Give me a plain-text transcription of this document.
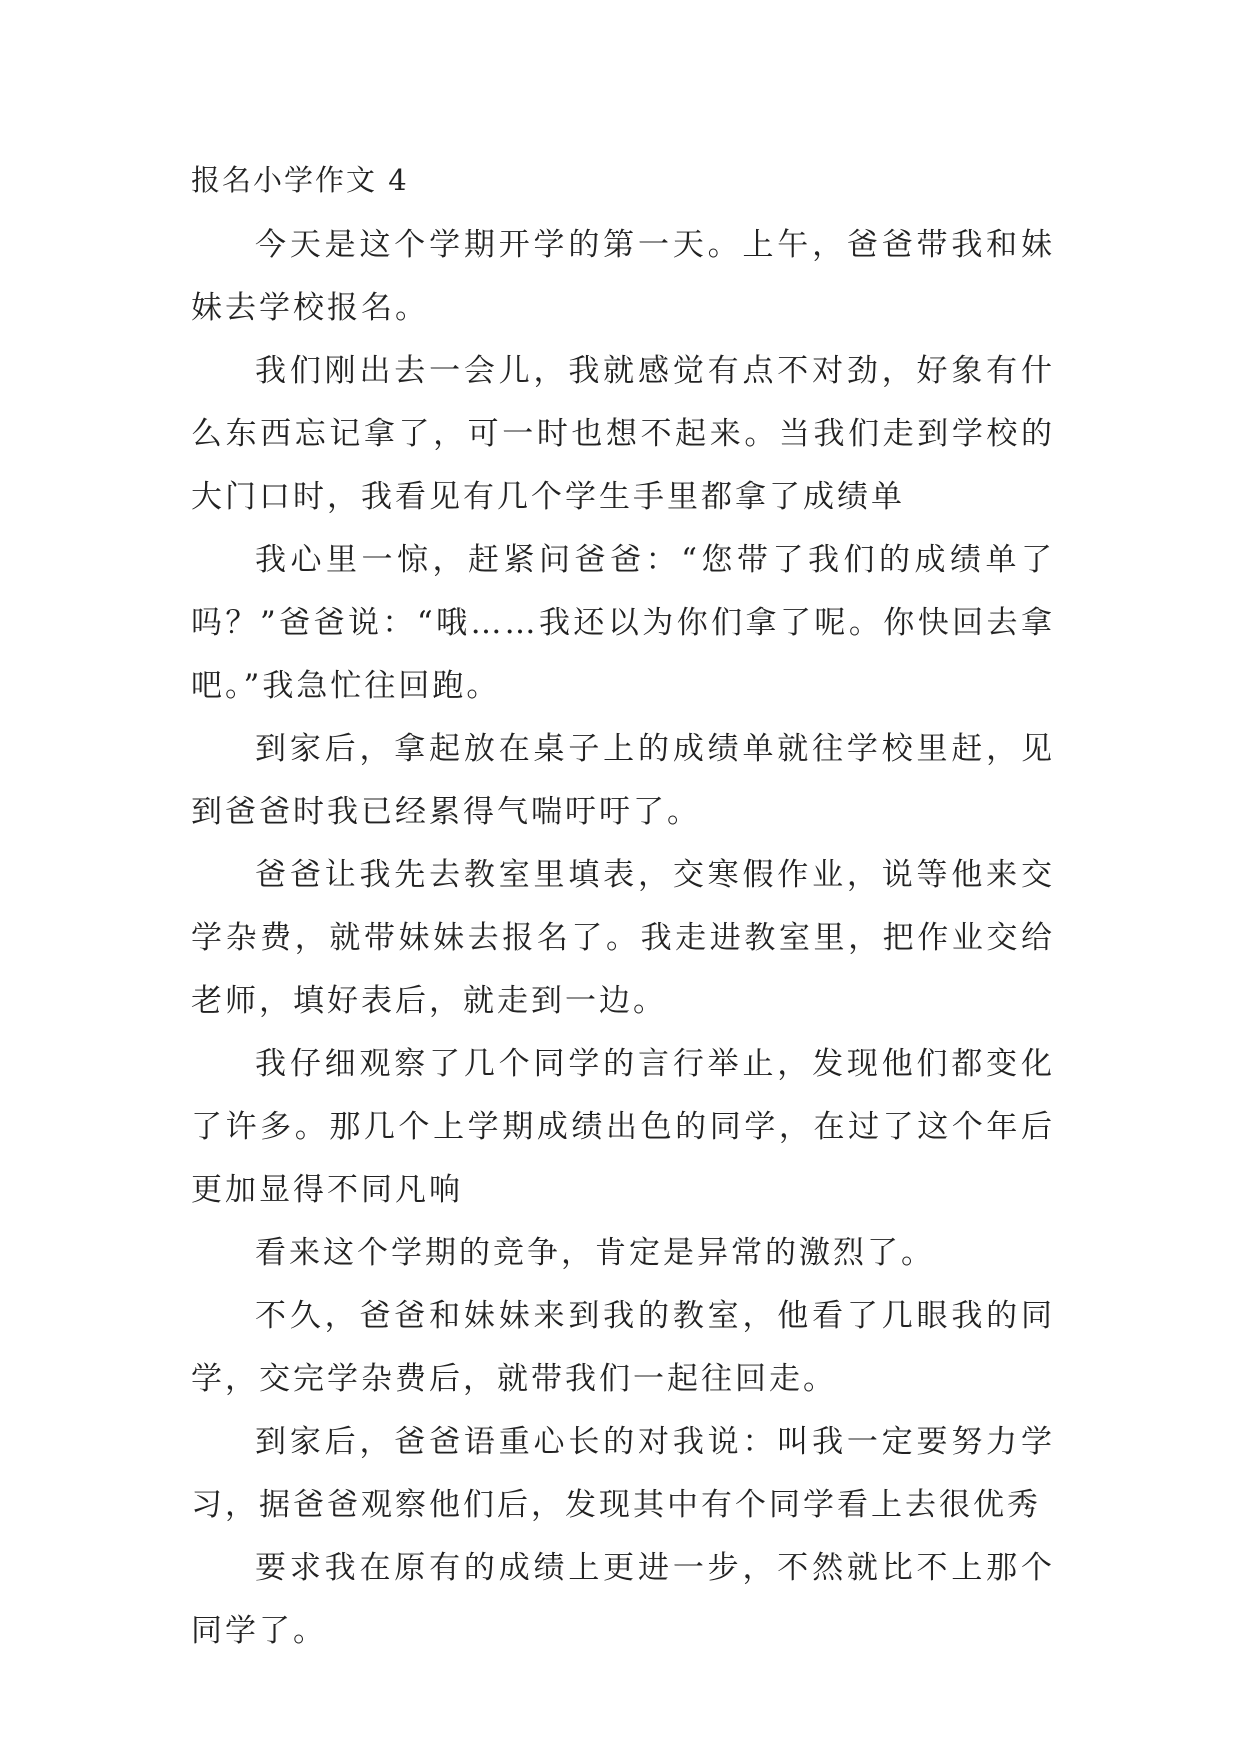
报名小学作文 4

今天是这个学期开学的第一天。上午，爸爸带我和妹妹去学校报名。

我们刚出去一会儿，我就感觉有点不对劲，好象有什么东西忘记拿了，可一时也想不起来。当我们走到学校的大门口时，我看见有几个学生手里都拿了成绩单

我心里一惊，赶紧问爸爸：“您带了我们的成绩单了吗？”爸爸说：“哦……我还以为你们拿了呢。你快回去拿吧。”我急忙往回跑。

到家后，拿起放在桌子上的成绩单就往学校里赶，见到爸爸时我已经累得气喘吁吁了。

爸爸让我先去教室里填表，交寒假作业，说等他来交学杂费，就带妹妹去报名了。我走进教室里，把作业交给老师，填好表后，就走到一边。

我仔细观察了几个同学的言行举止，发现他们都变化了许多。那几个上学期成绩出色的同学，在过了这个年后更加显得不同凡响

看来这个学期的竞争，肯定是异常的激烈了。

不久，爸爸和妹妹来到我的教室，他看了几眼我的同学，交完学杂费后，就带我们一起往回走。

到家后，爸爸语重心长的对我说：叫我一定要努力学习，据爸爸观察他们后，发现其中有个同学看上去很优秀

要求我在原有的成绩上更进一步，不然就比不上那个同学了。
